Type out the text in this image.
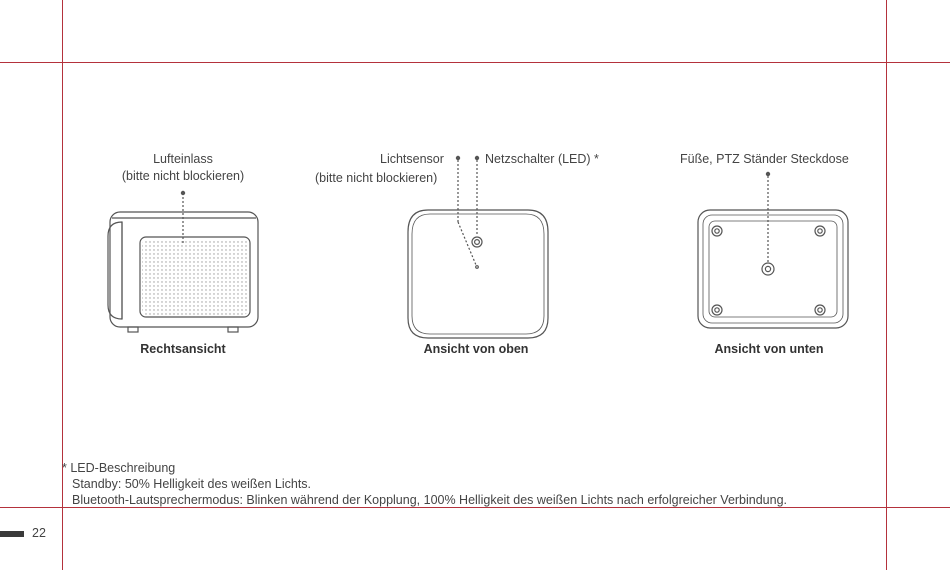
Lufteinlass
(bitte nicht blockieren)
Lichtsensor
(bitte nicht blockieren)
Netzschalter (LED) *	Füße, PTZ Ständer Steckdose
Rechtsansicht	Ansicht von oben	Ansicht von unten
* LED-Beschreibung
Standby: 50% Helligkeit des weißen Lichts.
Bluetooth-Lautsprechermodus: Blinken während der Kopplung, 100% Helligkeit des weißen Lichts nach erfolgreicher Verbindung.
22
